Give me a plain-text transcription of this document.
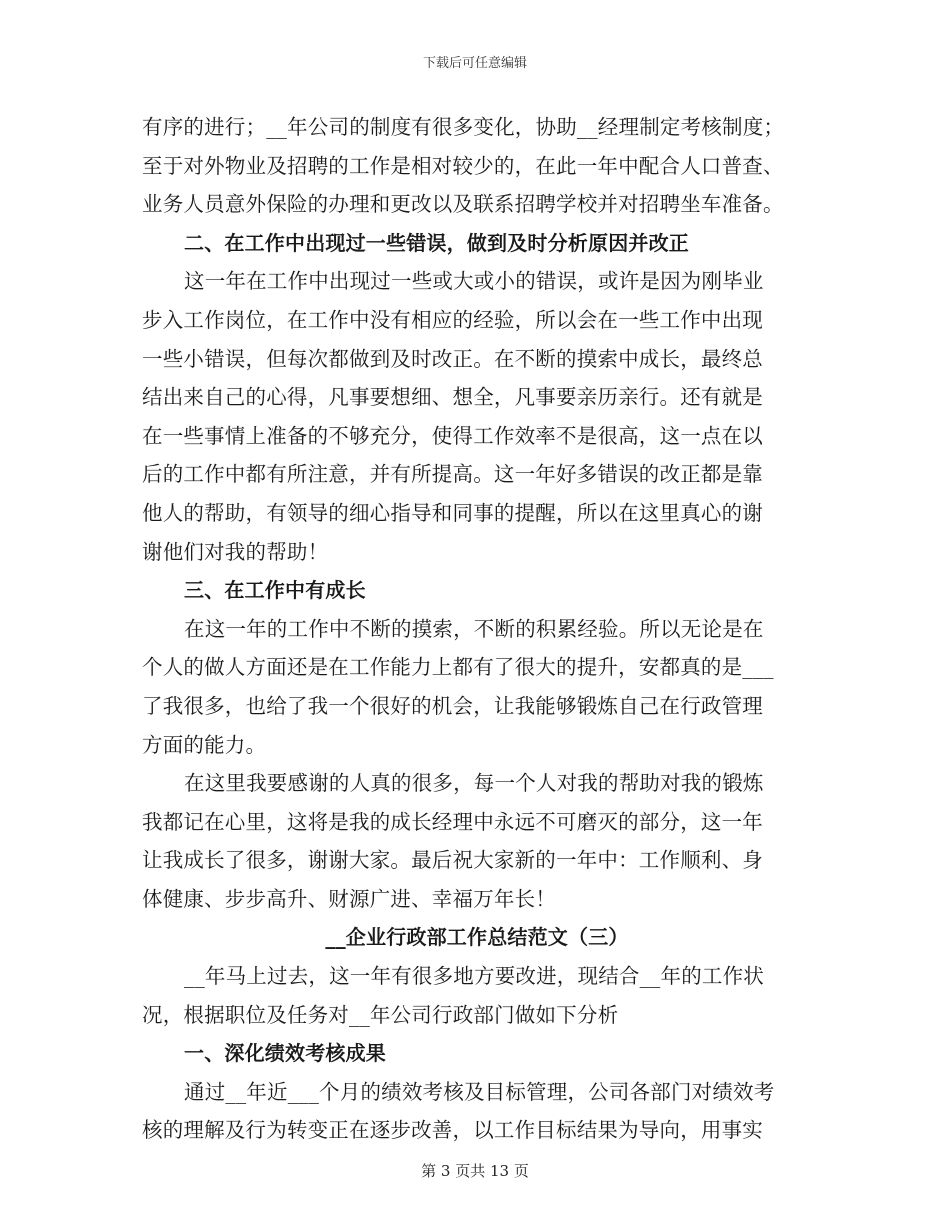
下载后可任意编辑
有序的进行；__年公司的制度有很多变化，协助__经理制定考核制度；
至于对外物业及招聘的工作是相对较少的，在此一年中配合人口普查、
业务人员意外保险的办理和更改以及联系招聘学校并对招聘坐车准备。
二、在工作中出现过一些错误，做到及时分析原因并改正
这一年在工作中出现过一些或大或小的错误，或许是因为刚毕业
步入工作岗位，在工作中没有相应的经验，所以会在一些工作中出现
一些小错误，但每次都做到及时改正。在不断的摸索中成长，最终总
结出来自己的心得，凡事要想细、想全，凡事要亲历亲行。还有就是
在一些事情上准备的不够充分，使得工作效率不是很高，这一点在以
后的工作中都有所注意，并有所提高。这一年好多错误的改正都是靠
他人的帮助，有领导的细心指导和同事的提醒，所以在这里真心的谢
谢他们对我的帮助！
三、在工作中有成长
在这一年的工作中不断的摸索，不断的积累经验。所以无论是在
个人的做人方面还是在工作能力上都有了很大的提升，安都真的是___
了我很多，也给了我一个很好的机会，让我能够锻炼自己在行政管理
方面的能力。
在这里我要感谢的人真的很多，每一个人对我的帮助对我的锻炼
我都记在心里，这将是我的成长经理中永远不可磨灭的部分，这一年
让我成长了很多，谢谢大家。最后祝大家新的一年中：工作顺利、身
体健康、步步高升、财源广进、幸福万年长！
__企业行政部工作总结范文（三）
__年马上过去，这一年有很多地方要改进，现结合__年的工作状
况，根据职位及任务对__年公司行政部门做如下分析
一、深化绩效考核成果
通过__年近___个月的绩效考核及目标管理，公司各部门对绩效考
核的理解及行为转变正在逐步改善，以工作目标结果为导向，用事实
第 3 页共 13 页
